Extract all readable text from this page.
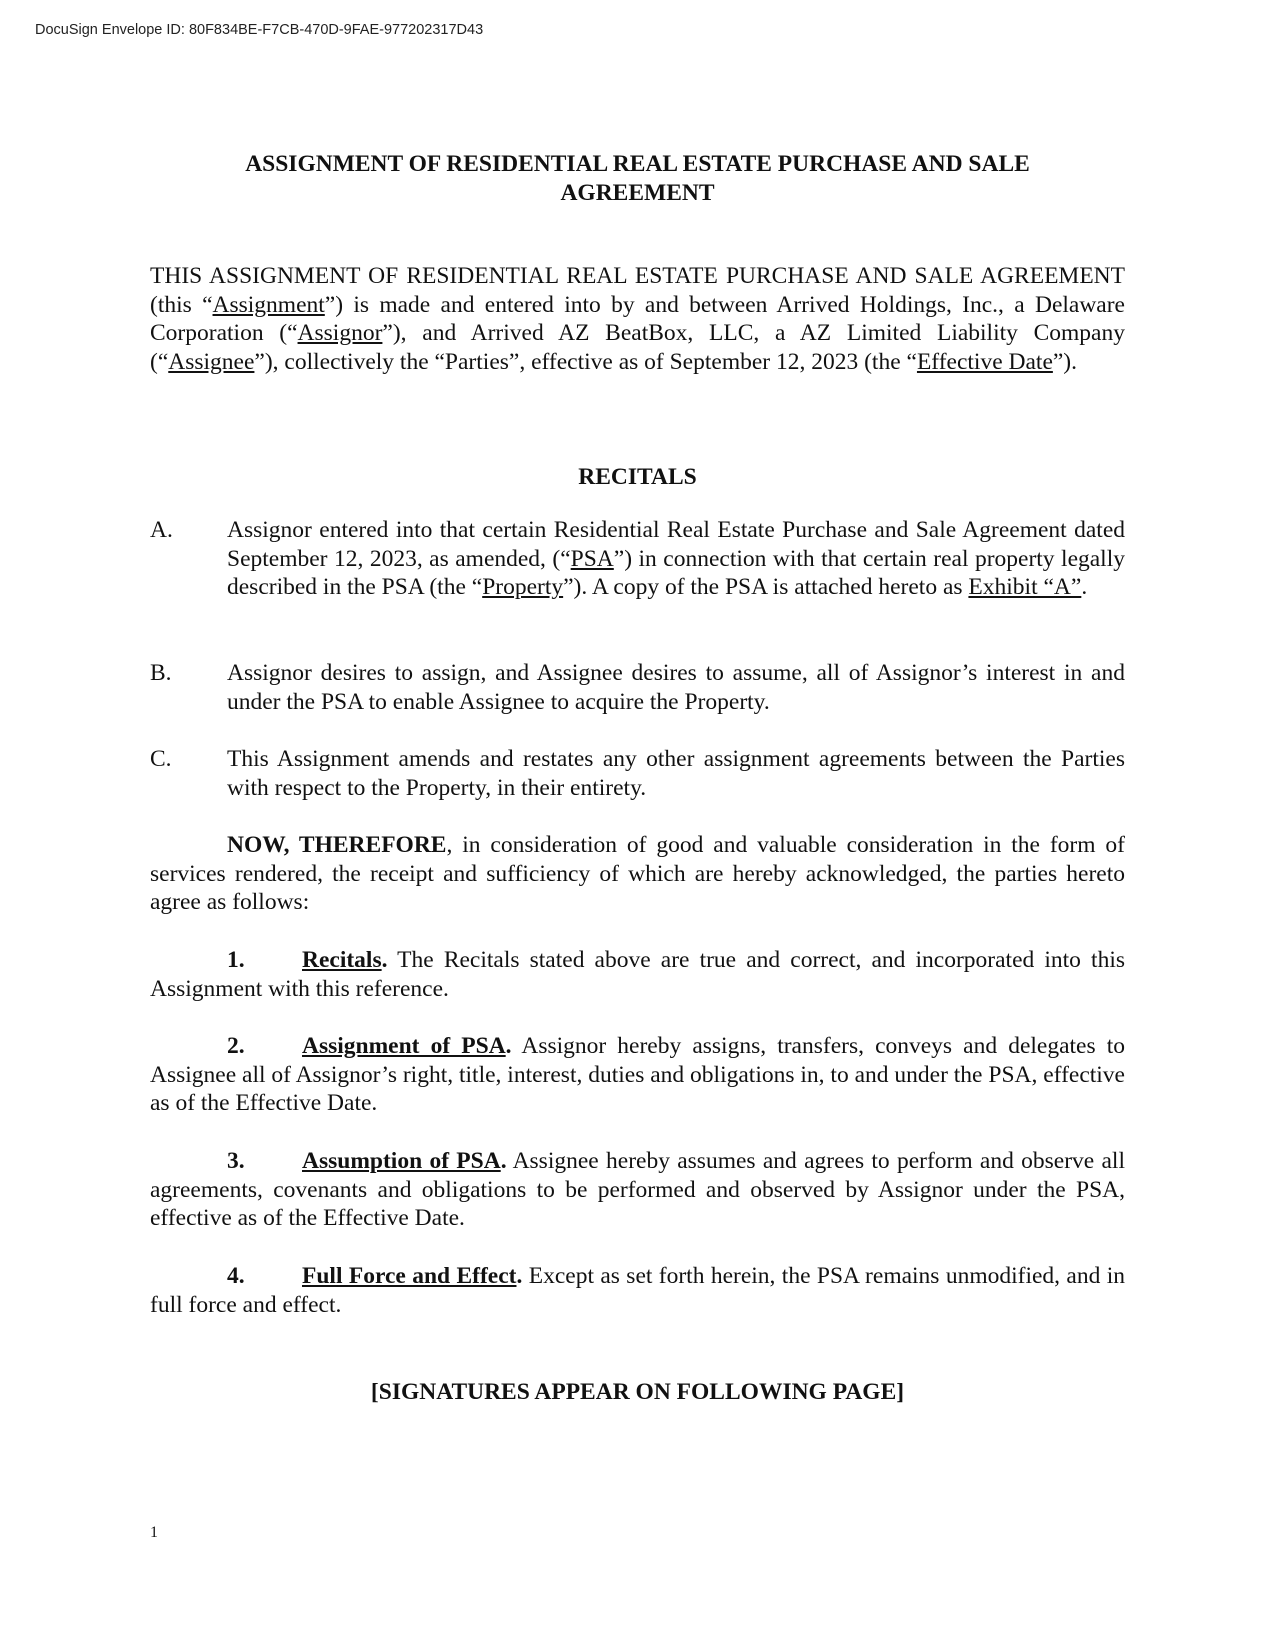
DocuSign Envelope ID: 80F834BE-F7CB-470D-9FAE-977202317D43
ASSIGNMENT OF RESIDENTIAL REAL ESTATE PURCHASE AND SALE
AGREEMENT
THIS ASSIGNMENT OF RESIDENTIAL REAL ESTATE PURCHASE AND SALE AGREEMENT (this “Assignment”) is made and entered into by and between Arrived Holdings, Inc., a Delaware Corporation (“Assignor”), and Arrived AZ BeatBox, LLC, a AZ Limited Liability Company (“Assignee”), collectively the “Parties”, effective as of September 12, 2023 (the “Effective Date”).
RECITALS
A. Assignor entered into that certain Residential Real Estate Purchase and Sale Agreement dated September 12, 2023, as amended, (“PSA”) in connection with that certain real property legally described in the PSA (the “Property”). A copy of the PSA is attached hereto as Exhibit “A”.
B. Assignor desires to assign, and Assignee desires to assume, all of Assignor’s interest in and under the PSA to enable Assignee to acquire the Property.
C. This Assignment amends and restates any other assignment agreements between the Parties with respect to the Property, in their entirety.
NOW, THEREFORE, in consideration of good and valuable consideration in the form of services rendered, the receipt and sufficiency of which are hereby acknowledged, the parties hereto agree as follows:
1. Recitals. The Recitals stated above are true and correct, and incorporated into this Assignment with this reference.
2. Assignment of PSA. Assignor hereby assigns, transfers, conveys and delegates to Assignee all of Assignor’s right, title, interest, duties and obligations in, to and under the PSA, effective as of the Effective Date.
3. Assumption of PSA. Assignee hereby assumes and agrees to perform and observe all agreements, covenants and obligations to be performed and observed by Assignor under the PSA, effective as of the Effective Date.
4. Full Force and Effect. Except as set forth herein, the PSA remains unmodified, and in full force and effect.
[SIGNATURES APPEAR ON FOLLOWING PAGE]
1
